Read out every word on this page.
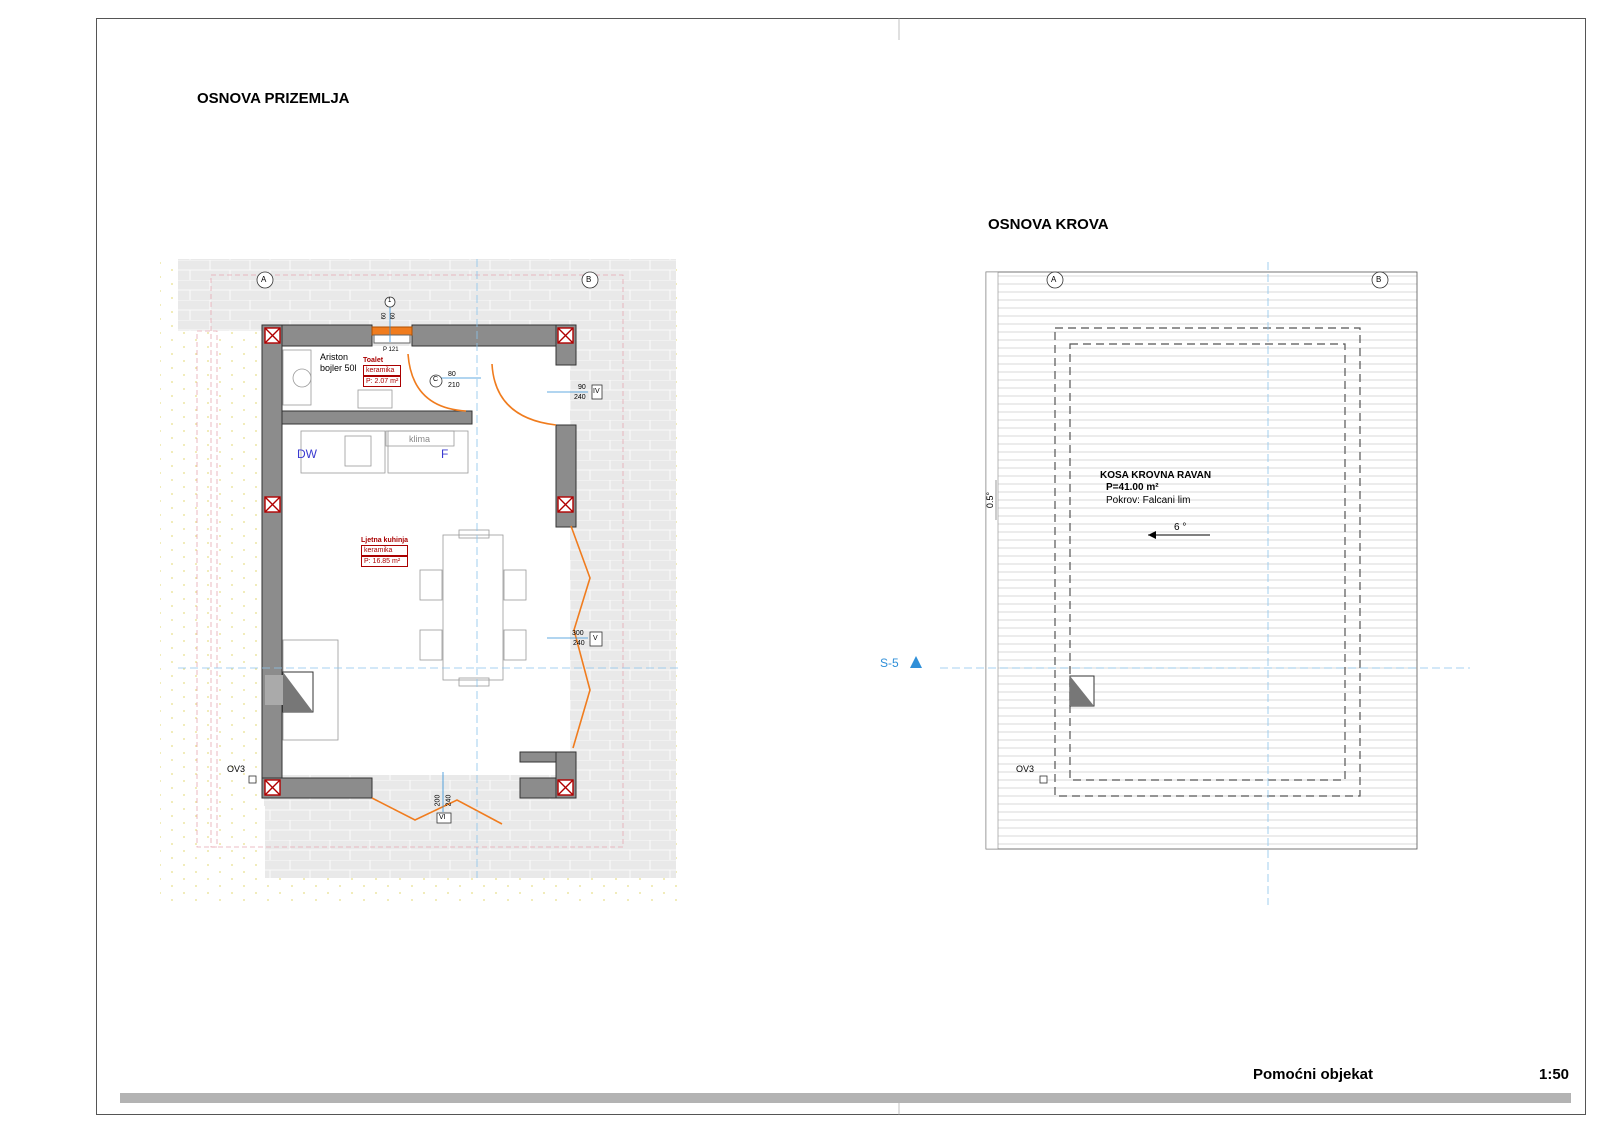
OSNOVA PRIZEMLJA
A	B
1
60 60
P 121
Ariston
bojler 50l
Toalet
keramika
P: 2.07 m²	C
80
210	90
240
IV
klima
DW	F
Ljetna kuhinja
keramika
P: 16.85 m²
300
240
V
200 240
VI
OV3
OSNOVA KROVA
A	B
KOSA KROVNA RAVAN
P=41.00 m²
Pokrov: Falcani lim
6 °
0.5°
S-5
OV3
Pomoćni objekat	1:50
